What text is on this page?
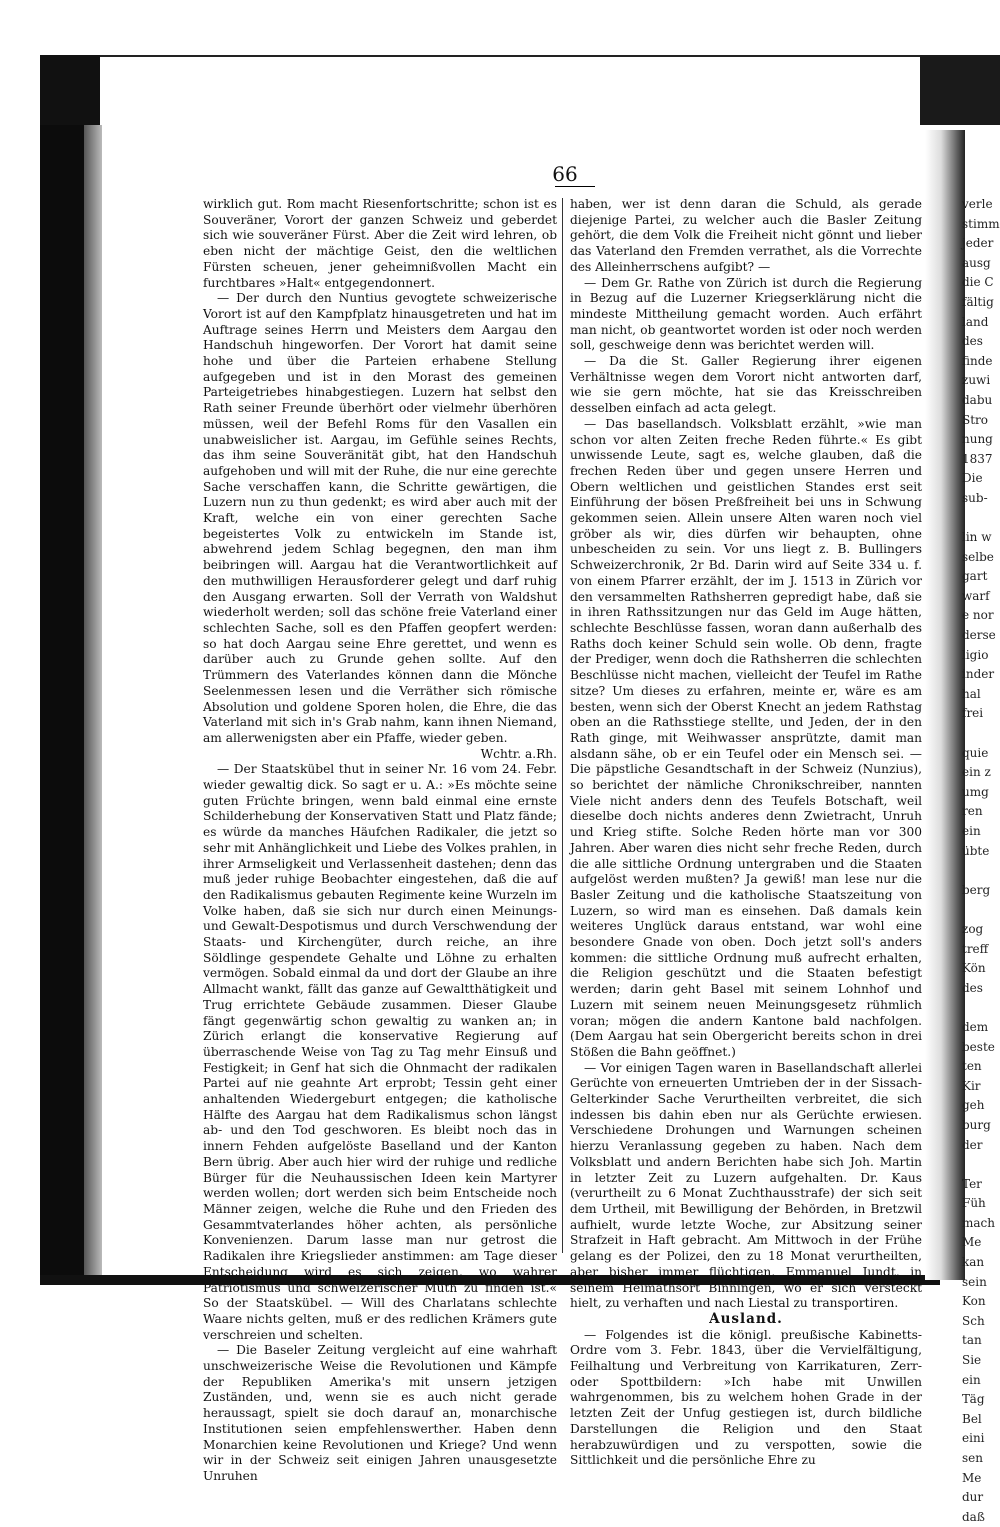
verle
stimm
jeder
ausg
die C
fältig
land
des
finde
zuwi
dabu
Stro
nung
1837
Die
sub-

lin w
selbe
gart
warf
e nor
derse
ligio
inder
hal
frei

quie
ein z
umg
ren
ein
übte

berg

zog
treff
Kön
des

dem
beste
ten
Kir
geh
burg
der

Ter
Füh
mach
Me
kan
sein
Kon
Sch
tan
Sie
ein
Täg
Bel
eini
sen
Me
dur
daß
66

wirklich gut. Rom macht Riesenfortschritte; schon ist es Souveräner, Vorort der ganzen Schweiz und geberdet sich wie souveräner Fürst. Aber die Zeit wird lehren, ob eben nicht der mächtige Geist, den die weltlichen Fürsten scheuen, jener geheimnißvollen Macht ein furchtbares »Halt« entgegendonnert.

— Der durch den Nuntius gevogtete schweizerische Vorort ist auf den Kampfplatz hinausgetreten und hat im Auftrage seines Herrn und Meisters dem Aargau den Handschuh hingeworfen. Der Vorort hat damit seine hohe und über die Parteien erhabene Stellung aufgegeben und ist in den Morast des gemeinen Parteigetriebes hinabgestiegen. Luzern hat selbst den Rath seiner Freunde überhört oder vielmehr überhören müssen, weil der Befehl Roms für den Vasallen ein unabweislicher ist. Aargau, im Gefühle seines Rechts, das ihm seine Souveränität gibt, hat den Handschuh aufgehoben und will mit der Ruhe, die nur eine gerechte Sache verschaffen kann, die Schritte gewärtigen, die Luzern nun zu thun gedenkt; es wird aber auch mit der Kraft, welche ein von einer gerechten Sache begeistertes Volk zu entwickeln im Stande ist, abwehrend jedem Schlag begegnen, den man ihm beibringen will. Aargau hat die Verantwortlichkeit auf den muthwilligen Herausforderer gelegt und darf ruhig den Ausgang erwarten. Soll der Verrath von Waldshut wiederholt werden; soll das schöne freie Vaterland einer schlechten Sache, soll es den Pfaffen geopfert werden: so hat doch Aargau seine Ehre gerettet, und wenn es darüber auch zu Grunde gehen sollte. Auf den Trümmern des Vaterlandes können dann die Mönche Seelenmessen lesen und die Verräther sich römische Absolution und goldene Sporen holen, die Ehre, die das Vaterland mit sich in's Grab nahm, kann ihnen Niemand, am allerwenigsten aber ein Pfaffe, wieder geben.

Wchtr. a.Rh.

— Der Staatskübel thut in seiner Nr. 16 vom 24. Febr. wieder gewaltig dick. So sagt er u. A.: »Es möchte seine guten Früchte bringen, wenn bald einmal eine ernste Schilderhebung der Konservativen Statt und Platz fände; es würde da manches Häufchen Radikaler, die jetzt so sehr mit Anhänglichkeit und Liebe des Volkes prahlen, in ihrer Armseligkeit und Verlassenheit dastehen; denn das muß jeder ruhige Beobachter eingestehen, daß die auf den Radikalismus gebauten Regimente keine Wurzeln im Volke haben, daß sie sich nur durch einen Meinungs- und Gewalt-Despotismus und durch Verschwendung der Staats- und Kirchengüter, durch reiche, an ihre Söldlinge gespendete Gehalte und Löhne zu erhalten vermögen. Sobald einmal da und dort der Glaube an ihre Allmacht wankt, fällt das ganze auf Gewaltthätigkeit und Trug errichtete Gebäude zusammen. Dieser Glaube fängt gegenwärtig schon gewaltig zu wanken an; in Zürich erlangt die konservative Regierung auf überraschende Weise von Tag zu Tag mehr Einsuß und Festigkeit; in Genf hat sich die Ohnmacht der radikalen Partei auf nie geahnte Art erprobt; Tessin geht einer anhaltenden Wiedergeburt entgegen; die katholische Hälfte des Aargau hat dem Radikalismus schon längst ab- und den Tod geschworen. Es bleibt noch das in innern Fehden aufgelöste Baselland und der Kanton Bern übrig. Aber auch hier wird der ruhige und redliche Bürger für die Neuhaussischen Ideen kein Martyrer werden wollen; dort werden sich beim Entscheide noch Männer zeigen, welche die Ruhe und den Frieden des Gesammtvaterlandes höher achten, als persönliche Konvenienzen. Darum lasse man nur getrost die Radikalen ihre Kriegslieder anstimmen: am Tage dieser Entscheidung wird es sich zeigen, wo wahrer Patriotismus und schweizerischer Muth zu finden ist.« So der Staatskübel. — Will des Charlatans schlechte Waare nichts gelten, muß er des redlichen Krämers gute verschreien und schelten.

— Die Baseler Zeitung vergleicht auf eine wahrhaft unschweizerische Weise die Revolutionen und Kämpfe der Republiken Amerika's mit unsern jetzigen Zuständen, und, wenn sie es auch nicht gerade heraussagt, spielt sie doch darauf an, monarchische Institutionen seien empfehlenswerther. Haben denn Monarchien keine Revolutionen und Kriege? Und wenn wir in der Schweiz seit einigen Jahren unausgesetzte Unruhen

haben, wer ist denn daran die Schuld, als gerade diejenige Partei, zu welcher auch die Basler Zeitung gehört, die dem Volk die Freiheit nicht gönnt und lieber das Vaterland den Fremden verrathet, als die Vorrechte des Alleinherrschens aufgibt? —

— Dem Gr. Rathe von Zürich ist durch die Regierung in Bezug auf die Luzerner Kriegserklärung nicht die mindeste Mittheilung gemacht worden. Auch erfährt man nicht, ob geantwortet worden ist oder noch werden soll, geschweige denn was berichtet werden will.

— Da die St. Galler Regierung ihrer eigenen Verhältnisse wegen dem Vorort nicht antworten darf, wie sie gern möchte, hat sie das Kreisschreiben desselben einfach ad acta gelegt.

— Das basellandsch. Volksblatt erzählt, »wie man schon vor alten Zeiten freche Reden führte.« Es gibt unwissende Leute, sagt es, welche glauben, daß die frechen Reden über und gegen unsere Herren und Obern weltlichen und geistlichen Standes erst seit Einführung der bösen Preßfreiheit bei uns in Schwung gekommen seien. Allein unsere Alten waren noch viel gröber als wir, dies dürfen wir behaupten, ohne unbescheiden zu sein. Vor uns liegt z. B. Bullingers Schweizerchronik, 2r Bd. Darin wird auf Seite 334 u. f. von einem Pfarrer erzählt, der im J. 1513 in Zürich vor den versammelten Rathsherren gepredigt habe, daß sie in ihren Rathssitzungen nur das Geld im Auge hätten, schlechte Beschlüsse fassen, woran dann außerhalb des Raths doch keiner Schuld sein wolle. Ob denn, fragte der Prediger, wenn doch die Rathsherren die schlechten Beschlüsse nicht machen, vielleicht der Teufel im Rathe sitze? Um dieses zu erfahren, meinte er, wäre es am besten, wenn sich der Oberst Knecht an jedem Rathstag oben an die Rathsstiege stellte, und Jeden, der in den Rath ginge, mit Weihwasser ansprützte, damit man alsdann sähe, ob er ein Teufel oder ein Mensch sei. — Die päpstliche Gesandtschaft in der Schweiz (Nunzius), so berichtet der nämliche Chronikschreiber, nannten Viele nicht anders denn des Teufels Botschaft, weil dieselbe doch nichts anderes denn Zwietracht, Unruh und Krieg stifte. Solche Reden hörte man vor 300 Jahren. Aber waren dies nicht sehr freche Reden, durch die alle sittliche Ordnung untergraben und die Staaten aufgelöst werden mußten? Ja gewiß! man lese nur die Basler Zeitung und die katholische Staatszeitung von Luzern, so wird man es einsehen. Daß damals kein weiteres Unglück daraus entstand, war wohl eine besondere Gnade von oben. Doch jetzt soll's anders kommen: die sittliche Ordnung muß aufrecht erhalten, die Religion geschützt und die Staaten befestigt werden; darin geht Basel mit seinem Lohnhof und Luzern mit seinem neuen Meinungsgesetz rühmlich voran; mögen die andern Kantone bald nachfolgen. (Dem Aargau hat sein Obergericht bereits schon in drei Stößen die Bahn geöffnet.)

— Vor einigen Tagen waren in Basellandschaft allerlei Gerüchte von erneuerten Umtrieben der in der Sissach-Gelterkinder Sache Verurtheilten verbreitet, die sich indessen bis dahin eben nur als Gerüchte erwiesen. Verschiedene Drohungen und Warnungen scheinen hierzu Veranlassung gegeben zu haben. Nach dem Volksblatt und andern Berichten habe sich Joh. Martin in letzter Zeit zu Luzern aufgehalten. Dr. Kaus (verurtheilt zu 6 Monat Zuchthausstrafe) der sich seit dem Urtheil, mit Bewilligung der Behörden, in Bretzwil aufhielt, wurde letzte Woche, zur Absitzung seiner Strafzeit in Haft gebracht. Am Mittwoch in der Frühe gelang es der Polizei, den zu 18 Monat verurtheilten, aber bisher immer flüchtigen, Emmanuel Jundt, in seinem Heimathsort Binningen, wo er sich versteckt hielt, zu verhaften und nach Liestal zu transportiren.

Ausland.

— Folgendes ist die königl. preußische Kabinetts-Ordre vom 3. Febr. 1843, über die Vervielfältigung, Feilhaltung und Verbreitung von Karrikaturen, Zerr- oder Spottbildern: »Ich habe mit Unwillen wahrgenommen, bis zu welchem hohen Grade in der letzten Zeit der Unfug gestiegen ist, durch bildliche Darstellungen die Religion und den Staat herabzuwürdigen und zu verspotten, sowie die Sittlichkeit und die persönliche Ehre zu
